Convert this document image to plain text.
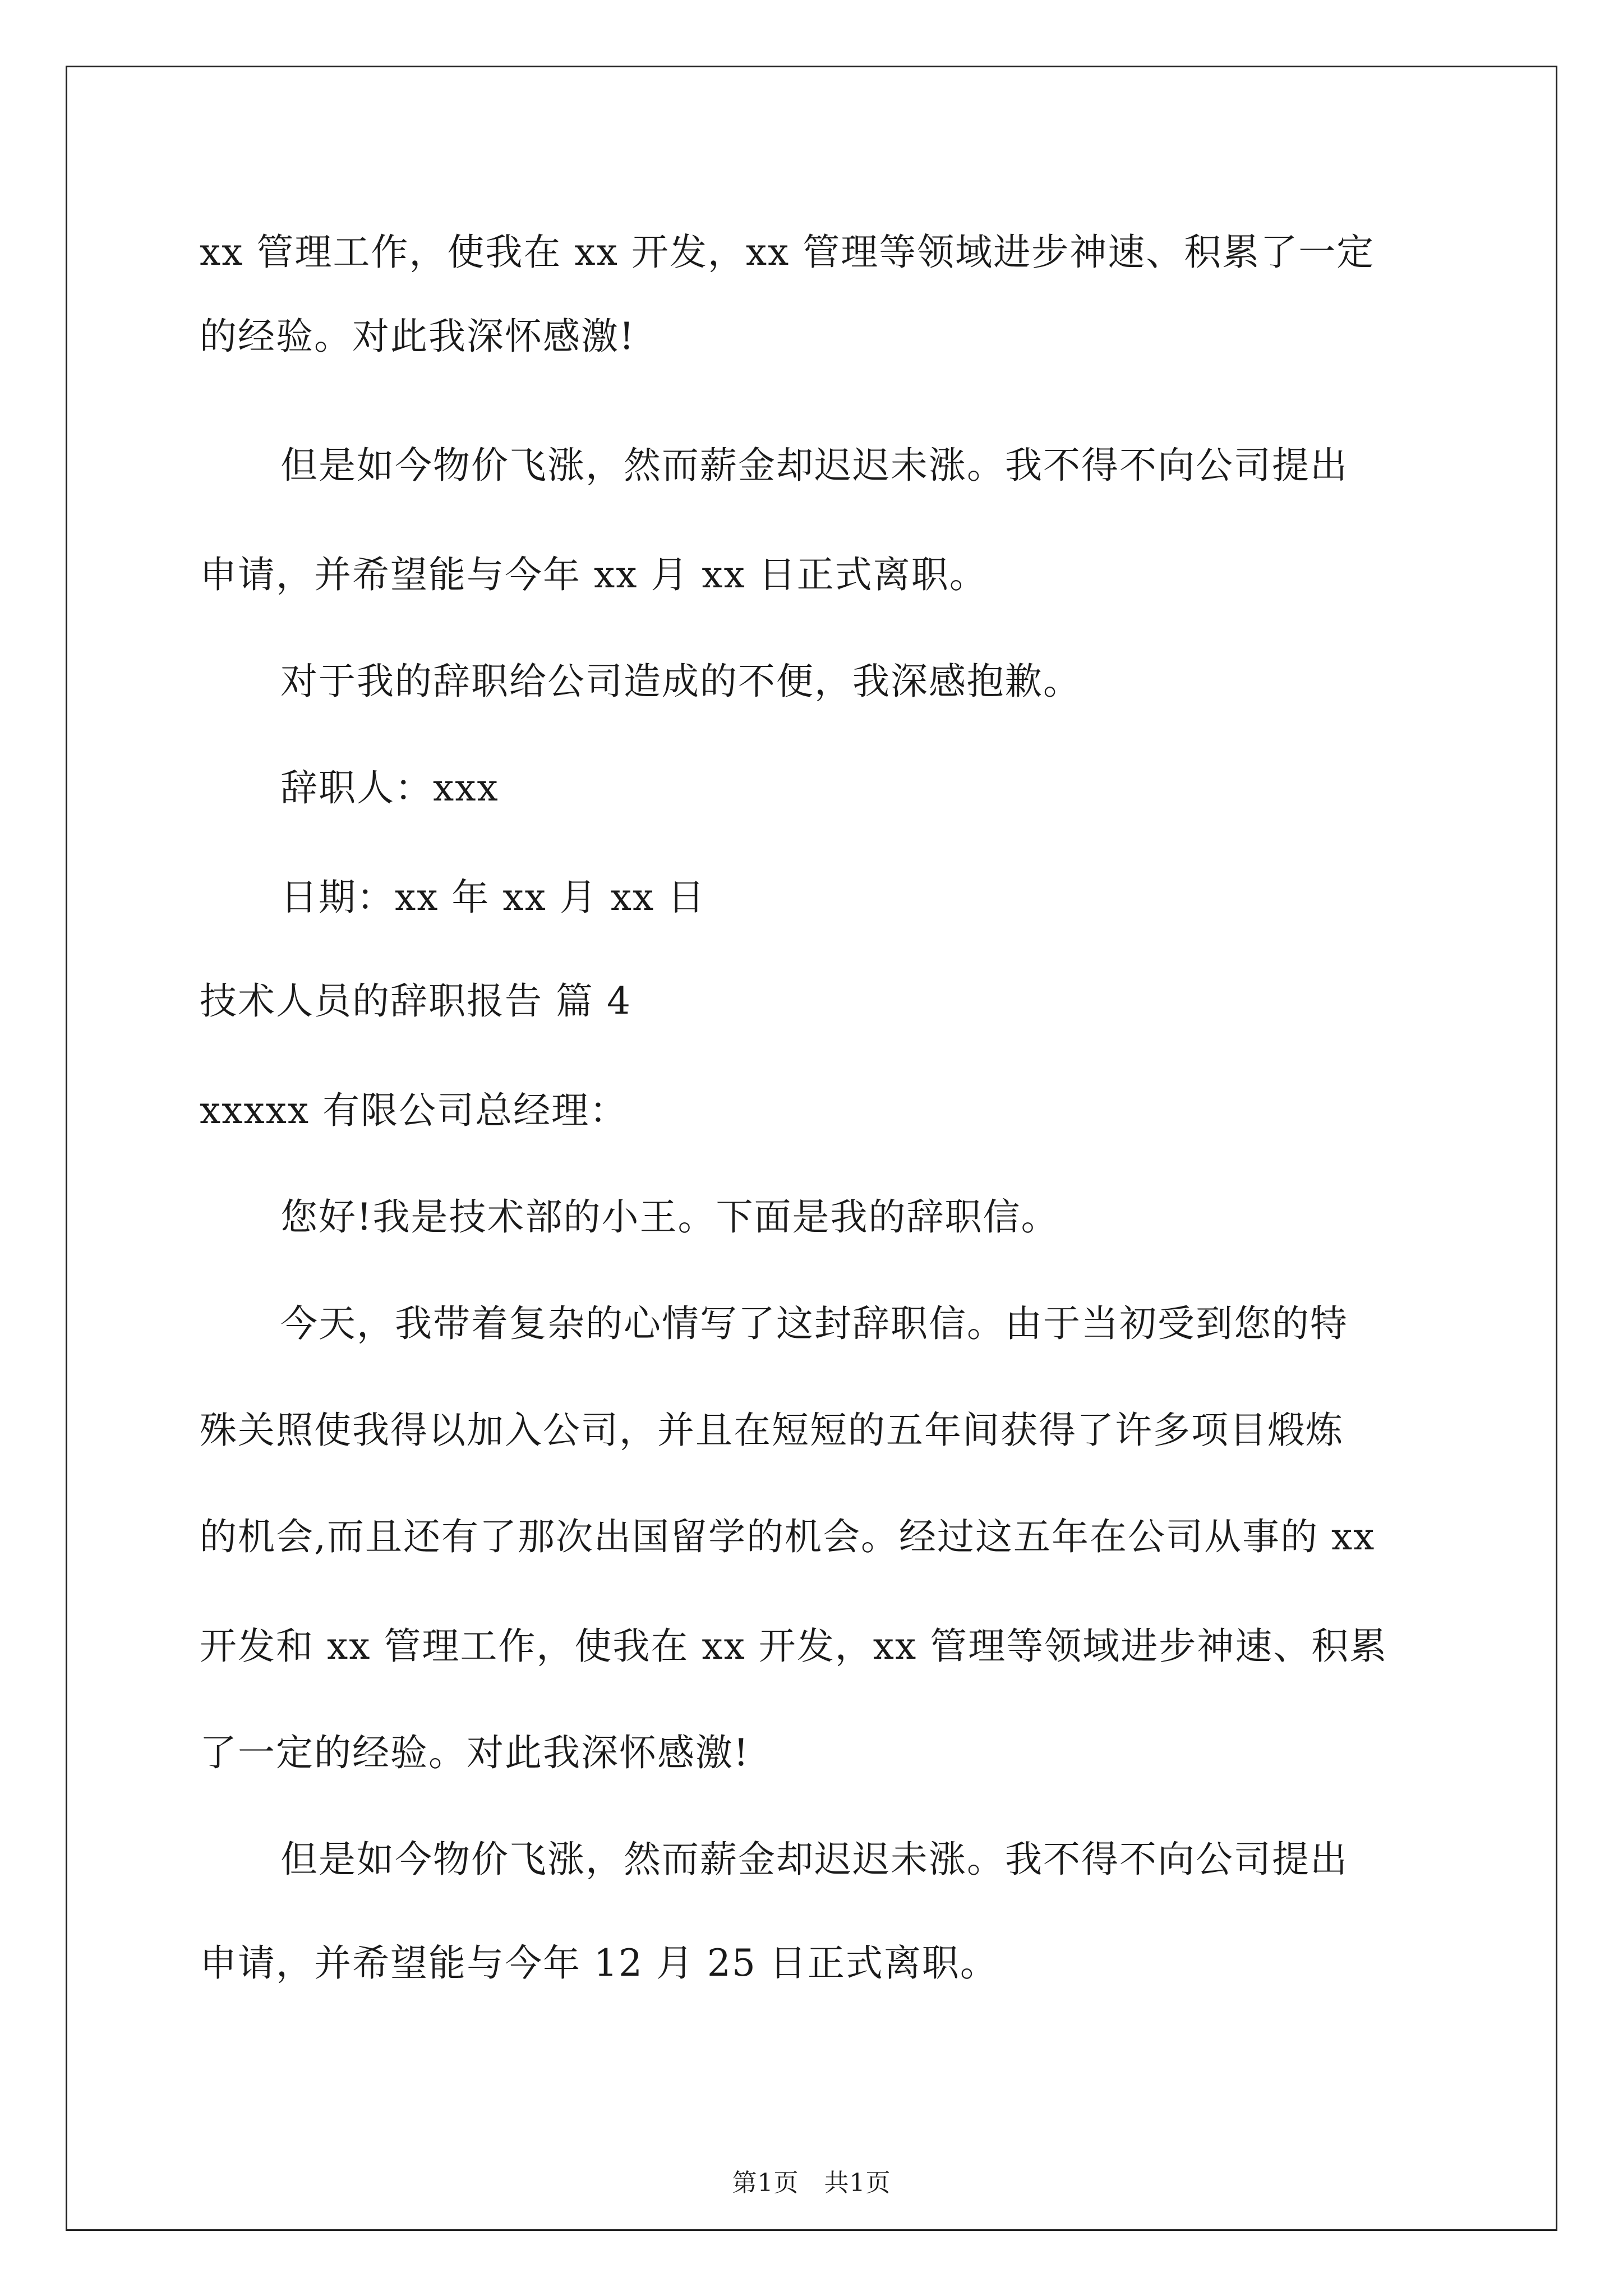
xx 管理工作，使我在 xx 开发，xx 管理等领域进步神速、积累了一定
的经验。对此我深怀感激!
但是如今物价飞涨，然而薪金却迟迟未涨。我不得不向公司提出
申请，并希望能与今年 xx 月 xx 日正式离职。
对于我的辞职给公司造成的不便，我深感抱歉。
辞职人：xxx
日期：xx 年 xx 月 xx 日
技术人员的辞职报告 篇 4
xxxxx 有限公司总经理：
您好!我是技术部的小王。下面是我的辞职信。
今天，我带着复杂的心情写了这封辞职信。由于当初受到您的特
殊关照使我得以加入公司，并且在短短的五年间获得了许多项目煅炼
的机会,而且还有了那次出国留学的机会。经过这五年在公司从事的 xx
开发和 xx 管理工作，使我在 xx 开发，xx 管理等领域进步神速、积累
了一定的经验。对此我深怀感激!
但是如今物价飞涨，然而薪金却迟迟未涨。我不得不向公司提出
申请，并希望能与今年 12 月 25 日正式离职。
第1页　共1页
